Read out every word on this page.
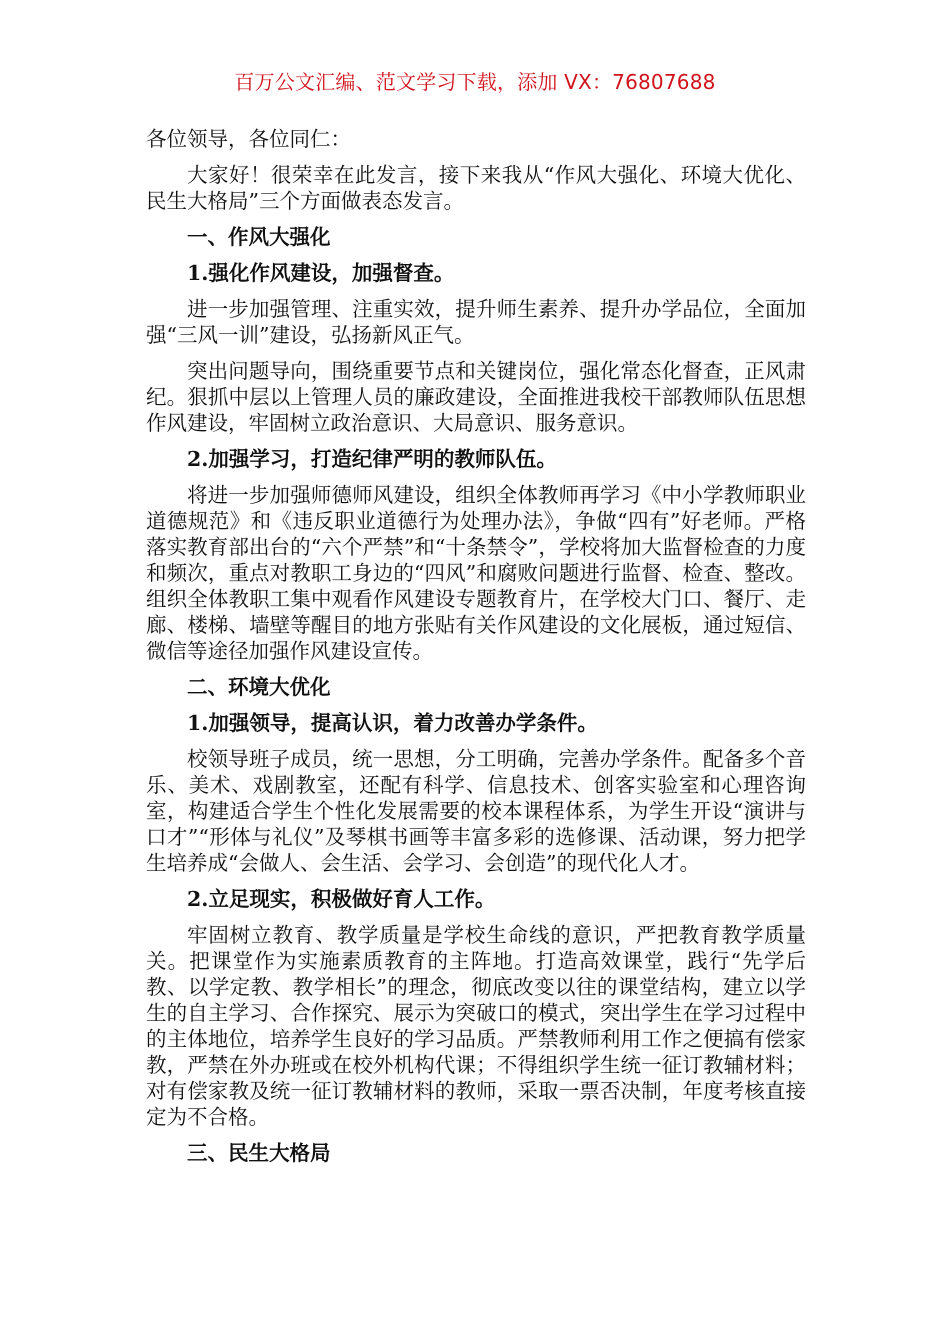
百万公文汇编、范文学习下载，添加 VX：76807688

各位领导，各位同仁：

大家好！很荣幸在此发言，接下来我从“作风大强化、环境大优化、民生大格局”三个方面做表态发言。

一、作风大强化

1.强化作风建设，加强督查。

进一步加强管理、注重实效，提升师生素养、提升办学品位，全面加强“三风一训”建设，弘扬新风正气。

突出问题导向，围绕重要节点和关键岗位，强化常态化督查，正风肃纪。狠抓中层以上管理人员的廉政建设，全面推进我校干部教师队伍思想作风建设，牢固树立政治意识、大局意识、服务意识。

2.加强学习，打造纪律严明的教师队伍。

将进一步加强师德师风建设，组织全体教师再学习《中小学教师职业道德规范》和《违反职业道德行为处理办法》，争做“四有”好老师。严格落实教育部出台的“六个严禁”和“十条禁令”，学校将加大监督检查的力度和频次，重点对教职工身边的“四风”和腐败问题进行监督、检查、整改。组织全体教职工集中观看作风建设专题教育片，在学校大门口、餐厅、走廊、楼梯、墙壁等醒目的地方张贴有关作风建设的文化展板，通过短信、微信等途径加强作风建设宣传。

二、环境大优化

1.加强领导，提高认识，着力改善办学条件。

校领导班子成员，统一思想，分工明确，完善办学条件。配备多个音乐、美术、戏剧教室，还配有科学、信息技术、创客实验室和心理咨询室，构建适合学生个性化发展需要的校本课程体系，为学生开设“演讲与口才”“形体与礼仪”及琴棋书画等丰富多彩的选修课、活动课，努力把学生培养成“会做人、会生活、会学习、会创造”的现代化人才。

2.立足现实，积极做好育人工作。

牢固树立教育、教学质量是学校生命线的意识，严把教育教学质量关。把课堂作为实施素质教育的主阵地。打造高效课堂，践行“先学后教、以学定教、教学相长”的理念，彻底改变以往的课堂结构，建立以学生的自主学习、合作探究、展示为突破口的模式，突出学生在学习过程中的主体地位，培养学生良好的学习品质。严禁教师利用工作之便搞有偿家教，严禁在外办班或在校外机构代课；不得组织学生统一征订教辅材料；对有偿家教及统一征订教辅材料的教师，采取一票否决制，年度考核直接定为不合格。

三、民生大格局
